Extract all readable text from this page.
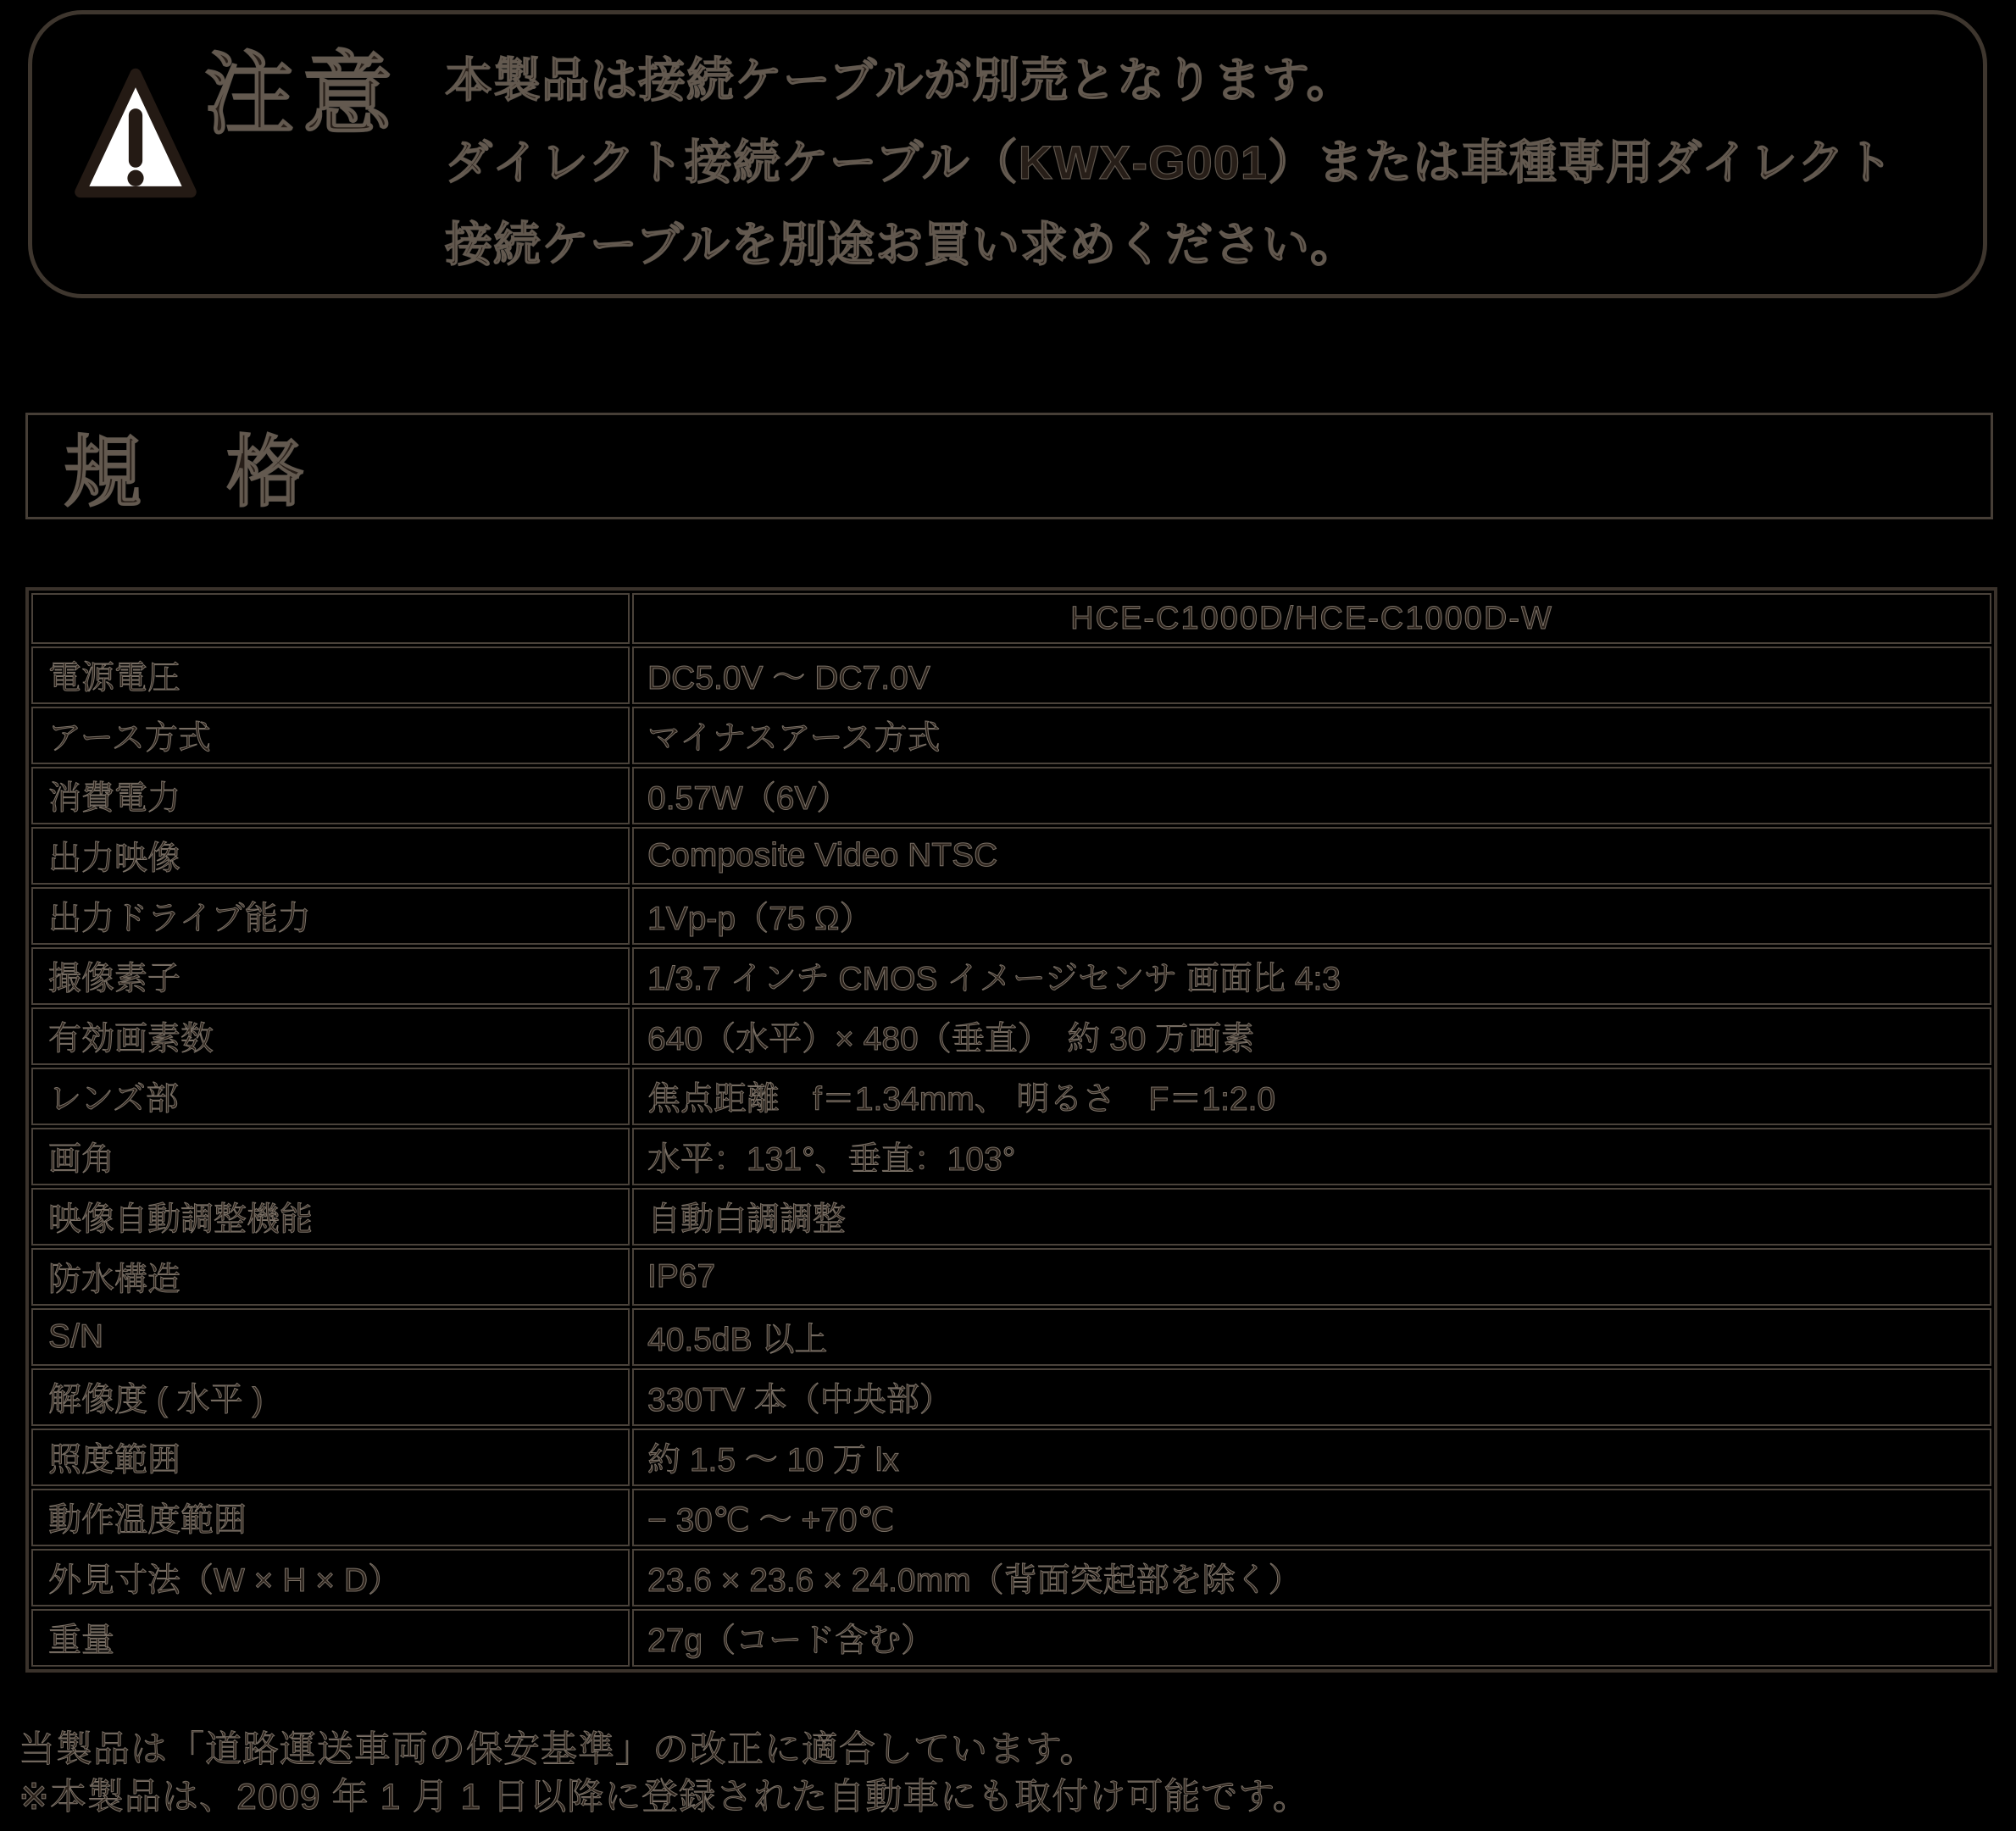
注意 本製品は接続ケーブルが別売となります。
ダイレクト接続ケーブル（KWX-G001）または車種専用ダイレクト
接続ケーブルを別途お買い求めください。
規　格
	HCE-C1000D/HCE-C1000D-W
電源電圧	DC5.0V ～ DC7.0V
アース方式	マイナスアース方式
消費電力	0.57W（6V）
出力映像	Composite Video NTSC
出力ドライブ能力	1Vp-p（75 Ω）
撮像素子	1/3.7 インチ CMOS イメージセンサ 画面比 4:3
有効画素数	640（水平）× 480（垂直）　約 30 万画素
レンズ部	焦点距離　f＝1.34mm、 明るさ　F＝1:2.0
画角	水平：131°、垂直：103°
映像自動調整機能	自動白調調整
防水構造	IP67
S/N	40.5dB 以上
解像度 ( 水平 )	330TV 本（中央部）
照度範囲	約 1.5 ～ 10 万 lx
動作温度範囲	− 30℃ ～ +70℃
外見寸法（W × H × D）	23.6 × 23.6 × 24.0mm（背面突起部を除く）
重量	27g（コード含む）
当製品は「道路運送車両の保安基準」の改正に適合しています。
※本製品は、2009 年 1 月 1 日以降に登録された自動車にも取付け可能です。
